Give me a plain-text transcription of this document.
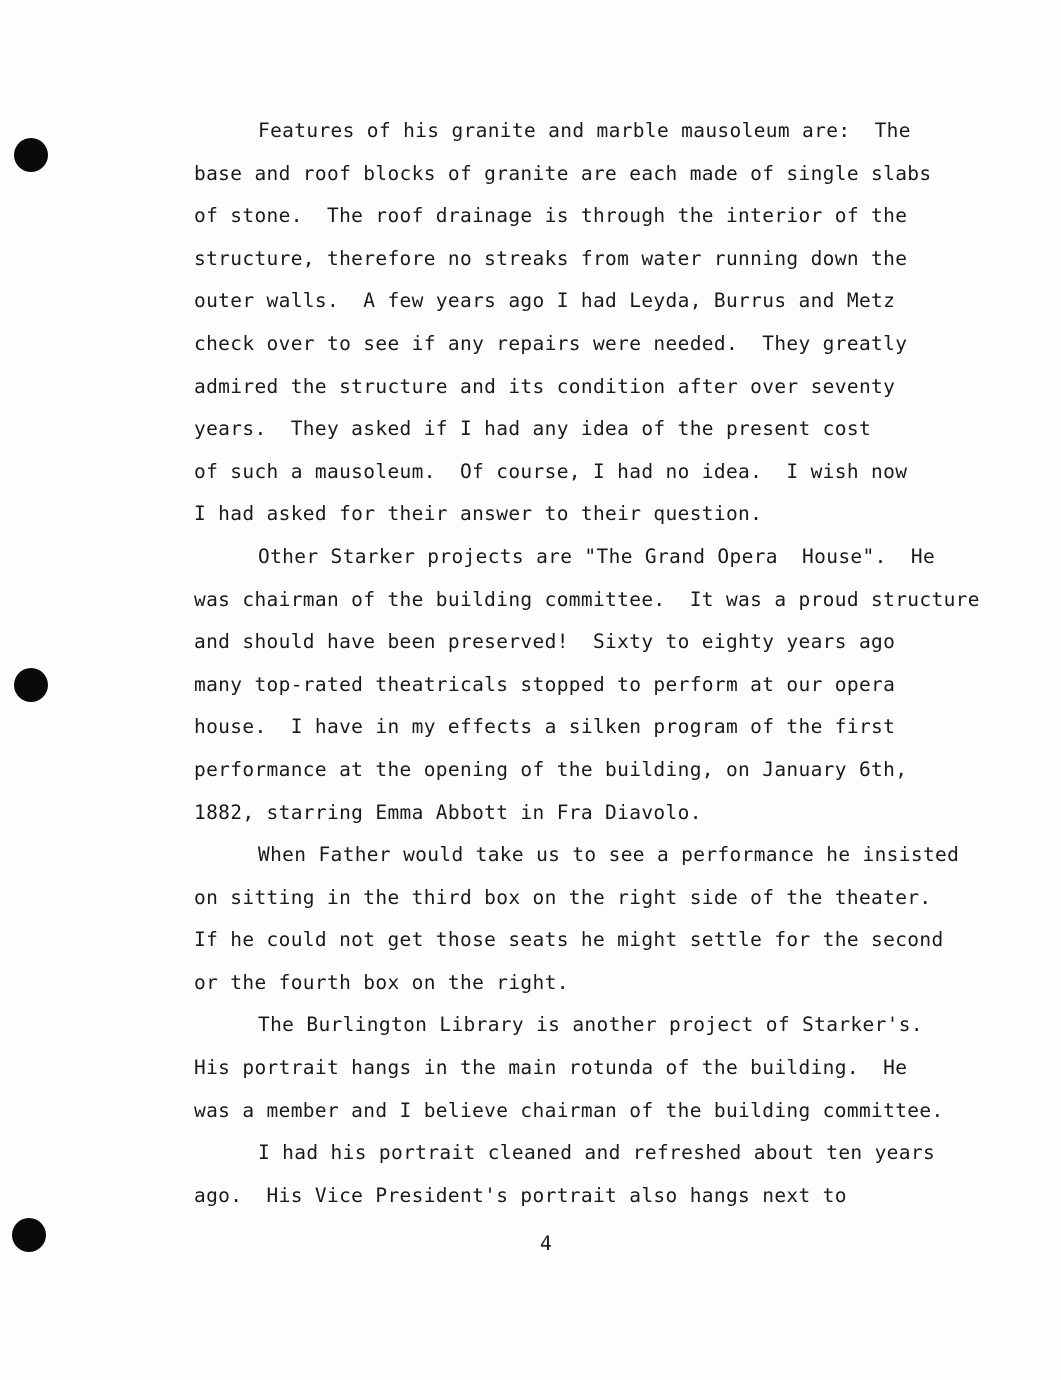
Features of his granite and marble mausoleum are:  The
base and roof blocks of granite are each made of single slabs
of stone.  The roof drainage is through the interior of the
structure, therefore no streaks from water running down the
outer walls.  A few years ago I had Leyda, Burrus and Metz
check over to see if any repairs were needed.  They greatly
admired the structure and its condition after over seventy
years.  They asked if I had any idea of the present cost
of such a mausoleum.  Of course, I had no idea.  I wish now
I had asked for their answer to their question.
Other Starker projects are "The Grand Opera  House".  He
was chairman of the building committee.  It was a proud structure
and should have been preserved!  Sixty to eighty years ago
many top-rated theatricals stopped to perform at our opera
house.  I have in my effects a silken program of the first
performance at the opening of the building, on January 6th,
1882, starring Emma Abbott in Fra Diavolo.
When Father would take us to see a performance he insisted
on sitting in the third box on the right side of the theater.
If he could not get those seats he might settle for the second
or the fourth box on the right.
The Burlington Library is another project of Starker's.
His portrait hangs in the main rotunda of the building.  He
was a member and I believe chairman of the building committee.
I had his portrait cleaned and refreshed about ten years
ago.  His Vice President's portrait also hangs next to
4
